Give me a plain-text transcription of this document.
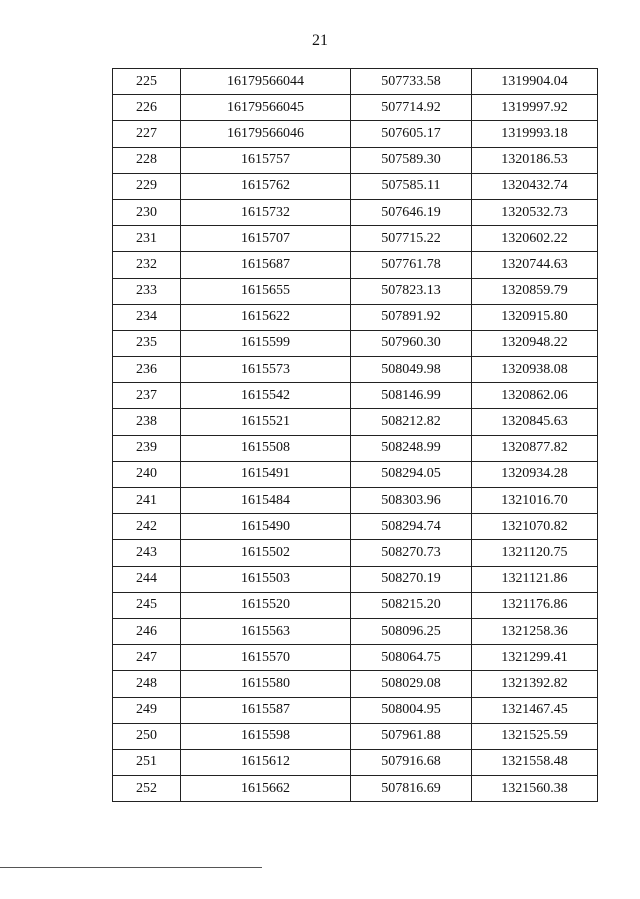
21
225	16179566044	507733.58	1319904.04
226	16179566045	507714.92	1319997.92
227	16179566046	507605.17	1319993.18
228	1615757	507589.30	1320186.53
229	1615762	507585.11	1320432.74
230	1615732	507646.19	1320532.73
231	1615707	507715.22	1320602.22
232	1615687	507761.78	1320744.63
233	1615655	507823.13	1320859.79
234	1615622	507891.92	1320915.80
235	1615599	507960.30	1320948.22
236	1615573	508049.98	1320938.08
237	1615542	508146.99	1320862.06
238	1615521	508212.82	1320845.63
239	1615508	508248.99	1320877.82
240	1615491	508294.05	1320934.28
241	1615484	508303.96	1321016.70
242	1615490	508294.74	1321070.82
243	1615502	508270.73	1321120.75
244	1615503	508270.19	1321121.86
245	1615520	508215.20	1321176.86
246	1615563	508096.25	1321258.36
247	1615570	508064.75	1321299.41
248	1615580	508029.08	1321392.82
249	1615587	508004.95	1321467.45
250	1615598	507961.88	1321525.59
251	1615612	507916.68	1321558.48
252	1615662	507816.69	1321560.38
